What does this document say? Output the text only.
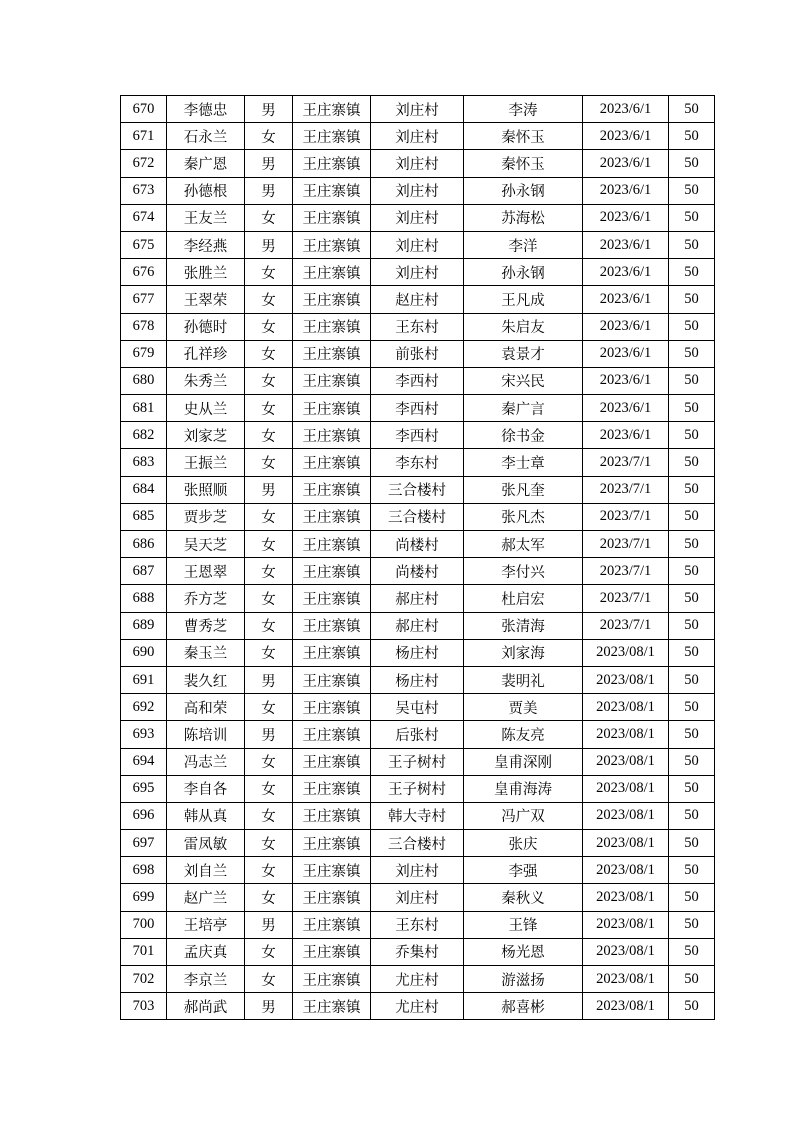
670	李德忠	男	王庄寨镇	刘庄村	李涛	2023/6/1	50
671	石永兰	女	王庄寨镇	刘庄村	秦怀玉	2023/6/1	50
672	秦广恩	男	王庄寨镇	刘庄村	秦怀玉	2023/6/1	50
673	孙德根	男	王庄寨镇	刘庄村	孙永钢	2023/6/1	50
674	王友兰	女	王庄寨镇	刘庄村	苏海松	2023/6/1	50
675	李经燕	男	王庄寨镇	刘庄村	李洋	2023/6/1	50
676	张胜兰	女	王庄寨镇	刘庄村	孙永钢	2023/6/1	50
677	王翠荣	女	王庄寨镇	赵庄村	王凡成	2023/6/1	50
678	孙德时	女	王庄寨镇	王东村	朱启友	2023/6/1	50
679	孔祥珍	女	王庄寨镇	前张村	袁景才	2023/6/1	50
680	朱秀兰	女	王庄寨镇	李西村	宋兴民	2023/6/1	50
681	史从兰	女	王庄寨镇	李西村	秦广言	2023/6/1	50
682	刘家芝	女	王庄寨镇	李西村	徐书金	2023/6/1	50
683	王振兰	女	王庄寨镇	李东村	李士章	2023/7/1	50
684	张照顺	男	王庄寨镇	三合楼村	张凡奎	2023/7/1	50
685	贾步芝	女	王庄寨镇	三合楼村	张凡杰	2023/7/1	50
686	吴天芝	女	王庄寨镇	尚楼村	郝太军	2023/7/1	50
687	王恩翠	女	王庄寨镇	尚楼村	李付兴	2023/7/1	50
688	乔方芝	女	王庄寨镇	郝庄村	杜启宏	2023/7/1	50
689	曹秀芝	女	王庄寨镇	郝庄村	张清海	2023/7/1	50
690	秦玉兰	女	王庄寨镇	杨庄村	刘家海	2023/08/1	50
691	裴久红	男	王庄寨镇	杨庄村	裴明礼	2023/08/1	50
692	高和荣	女	王庄寨镇	吴屯村	贾美	2023/08/1	50
693	陈培训	男	王庄寨镇	后张村	陈友亮	2023/08/1	50
694	冯志兰	女	王庄寨镇	王子树村	皇甫深刚	2023/08/1	50
695	李自各	女	王庄寨镇	王子树村	皇甫海涛	2023/08/1	50
696	韩从真	女	王庄寨镇	韩大寺村	冯广双	2023/08/1	50
697	雷凤敏	女	王庄寨镇	三合楼村	张庆	2023/08/1	50
698	刘自兰	女	王庄寨镇	刘庄村	李强	2023/08/1	50
699	赵广兰	女	王庄寨镇	刘庄村	秦秋义	2023/08/1	50
700	王培亭	男	王庄寨镇	王东村	王锋	2023/08/1	50
701	孟庆真	女	王庄寨镇	乔集村	杨光恩	2023/08/1	50
702	李京兰	女	王庄寨镇	尤庄村	游滋扬	2023/08/1	50
703	郝尚武	男	王庄寨镇	尤庄村	郝喜彬	2023/08/1	50
